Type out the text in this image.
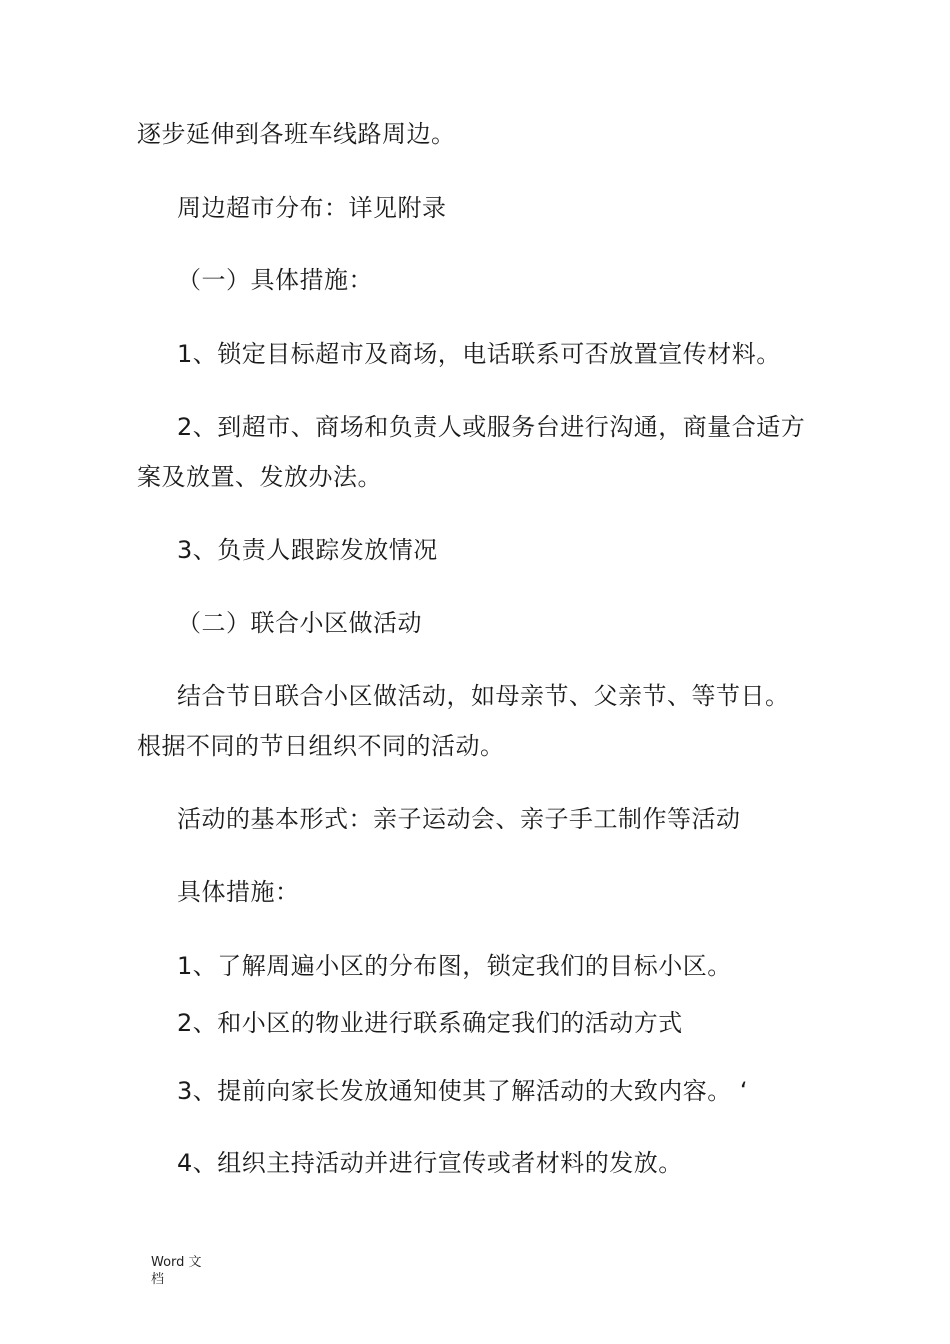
逐步延伸到各班车线路周边。
周边超市分布：详见附录
（一）具体措施：
1、锁定目标超市及商场，电话联系可否放置宣传材料。
2、到超市、商场和负责人或服务台进行沟通，商量合适方
案及放置、发放办法。
3、负责人跟踪发放情况
（二）联合小区做活动
结合节日联合小区做活动，如母亲节、父亲节、等节日。
根据不同的节日组织不同的活动。
活动的基本形式：亲子运动会、亲子手工制作等活动
具体措施：
1、了解周遍小区的分布图，锁定我们的目标小区。
2、和小区的物业进行联系确定我们的活动方式
3、提前向家长发放通知使其了解活动的大致内容。 ‘
4、组织主持活动并进行宣传或者材料的发放。
Word 文
档
